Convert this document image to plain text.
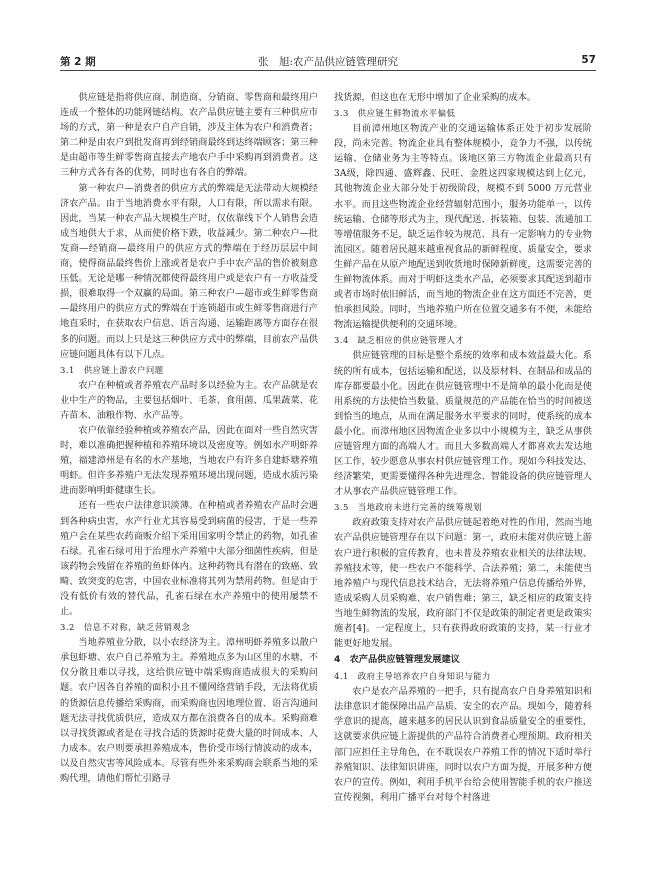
第 2 期	张　旭:农产品供应链管理研究	57

供应链是指将供应商、制造商、分销商、零售商和最终用户连成一个整体的功能网链结构。农产品供应链主要有三种供应市场的方式，第一种是农户自产自销，涉及主体为农户和消费者；第二种是由农户到批发商再到经销商最终到达终端顾客；第三种是由超市等生鲜零售商直接去产地农户手中采购再到消费者。这三种方式各有各的优势，同时也有各自的弊端。

第一种农户—消费者的供应方式的弊端是无法带动大规模经济农产品。由于当地消费水平有限，人口有限，所以需求有限。因此，当某一种农产品大规模生产时，仅依靠线下个人销售会造成当地供大于求，从而使价格下跌，收益减少。第二种农户—批发商—经销商—最终用户的供应方式的弊端在于经历层层中间商，使得商品最终售价上涨或者是农户手中农产品的售价被刻意压低。无论是哪一种情况都使得最终用户或是农户有一方收益受损，很难取得一个双赢的局面。第三种农户—超市或生鲜零售商—最终用户的供应方式的弊端在于连锁超市或生鲜零售商进行产地直采时，在获取农户信息、语言沟通、运输距离等方面存在很多的问题。而以上只是这三种供应方式中的弊端，目前农产品供应链问题具体有以下几点。

3.1　供应链上游农户问题

农户在种植或者养殖农产品时多以经验为主。农产品就是农业中生产的物品，主要包括烟叶、毛茶、食用菌、瓜果蔬菜、花卉苗木、油粮作物、水产品等。

农户依靠经验种植或养殖农产品，因此在面对一些自然灾害时，难以准确把握种植和养殖环境以及密度等。例如水产明虾养殖，福建漳州是有名的水产基地，当地农户有许多自建虾塘养殖明虾。但许多养殖户无法发现养殖环境出现问题，造成水质污染进而影响明虾健康生长。

还有一些农户法律意识淡薄。在种植或者养殖农产品时会遇到各种病虫害，水产行业尤其容易受到病菌的侵害，于是一些养殖户会在某些农药商贩介绍下采用国家明令禁止的药物，如孔雀石绿。孔雀石绿可用于治理水产养殖中大部分细菌性疾病，但是该药物会残留在养殖的鱼虾体内。这种药物具有潜在的致癌、致畸、致突变的危害，中国农业标准将其列为禁用药物。但是由于没有低价有效的替代品，孔雀石绿在水产养殖中的使用屡禁不止。

3.2　信息不对称，缺乏营销观念

当地养殖业分散，以小农经济为主。漳州明虾养殖多以散户承包虾塘、农户自己养殖为主。养殖地点多为山区里的水塘，不仅分散且难以寻找，这给供应链中端采购商造成很大的采购问题。农户因各自养殖的面积小且不懂网络营销手段，无法将优质的货源信息传播给采购商，而采购商也因地理位置、语言沟通问题无法寻找优质供应，造成双方都在浪费各自的成本。采购商难以寻找货源或者是在寻找合适的货源时花费大量的时间成本、人力成本。农户则要承担养殖成本，售价受市场行情波动的成本，以及自然灾害等风险成本。尽管有些外来采购商会联系当地的采购代理，请他们帮忙引路寻

找货源，但这也在无形中增加了企业采购的成本。

3.3　供应链生鲜物流水平偏低

目前漳州地区物流产业的交通运输体系正处于初步发展阶段，尚未完善。物流企业具有整体规模小，竞争力不强，以传统运输、仓储业务为主等特点。该地区第三方物流企业最高只有3A级，除四通、盛辉鑫、民旺、金胜这四家规模达到上亿元，其他物流企业大部分处于初级阶段，规模不到 5000 万元营业水平。而且这些物流企业经营辐射范围小，服务功能单一，以传统运输、仓储等形式为主，现代配送、拆装箱、包装、流通加工等增值服务不足，缺乏运作较为规范、具有一定影响力的专业物流园区。随着居民越来越重视食品的新鲜程度、质量安全，要求生鲜产品在从原产地配送到收货地时保障新鲜度，这需要完善的生鲜物流体系。而对于明虾这类水产品，必须要求其配送到超市或者市场时依旧鲜活，而当地的物流企业在这方面还不完善，更怕承担风险。同时，当地养殖户所在位置交通多有不便，未能给物流运输提供便利的交通环境。

3.4　缺乏相应的供应链管理人才

供应链管理的目标是整个系统的效率和成本效益最大化。系统的所有成本，包括运输和配送，以及原材料、在制品和成品的库存都要最小化。因此在供应链管理中不是简单的最小化而是使用系统的方法使恰当数量、质量规范的产品能在恰当的时间被送到恰当的地点，从而在满足服务水平要求的同时，使系统的成本最小化。而漳州地区因物流企业多以中小规模为主，缺乏从事供应链管理方面的高端人才。而且大多数高端人才都喜欢去发达地区工作，较少愿意从事农村供应链管理工作。现如今科技发达、经济繁荣，更需要懂得各种先进理念、智能设备的供应链管理人才从事农产品供应链管理工作。

3.5　当地政府未进行完善的统筹规划

政府政策支持对农产品供应链起着绝对性的作用，然而当地农产品供应链管理存在以下问题：第一，政府未能对供应链上游农户进行积极的宣传教育，也未普及养殖农业相关的法律法规、养殖技术等，使一些农户不能科学、合法养殖；第二，未能使当地养殖户与现代信息技术结合，无法将养殖户信息传播给外界，造成采购人员采购难、农户销售难；第三，缺乏相应的政策支持当地生鲜物流的发展，政府部门不仅是政策的制定者更是政策实施者[4]。一定程度上，只有获得政府政策的支持，某一行业才能更好地发展。

4　农产品供应链管理发展建议
4.1　政府主导培养农户自身知识与能力

农户是农产品养殖的一把手，只有提高农户自身养殖知识和法律意识才能保障出品产品质、安全的农产品。现如今，随着科学意识的提高，越来越多的居民认识到食品质量安全的重要性，这就要求供应链上游提供的产品符合消费者心理预期。政府相关部门应担任主导角色，在不耽误农户养殖工作的情况下适时举行养殖知识、法律知识讲座，同时以农户方面为提，开展多种方便农户的宣传。例如，利用手机平台给会使用智能手机的农户推送宣传视频，利用广播平台对每个村落进
